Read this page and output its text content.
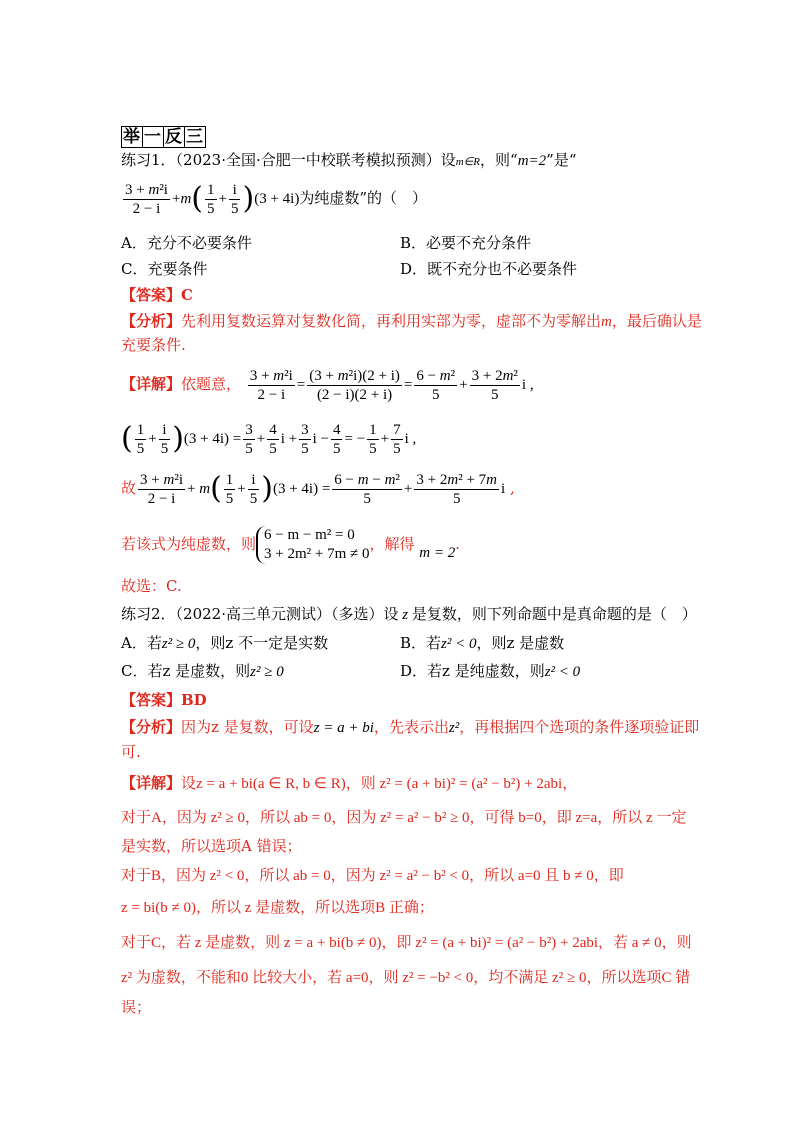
举 一 反 三
练习1．（2023·全国·合肥一中校联考模拟预测）设m∈R，则“m=2”是“
$\frac{\text{3 + m²i}}{2 - i} +m( \frac{1}{5} + \frac{i}{5} )(3 + 4i)$为纯虚数”的（　）
A．充分不必要条件	B．必要不充分条件
C．充要条件	D．既不充分也不必要条件
【答案】C
【分析】先利用复数运算对复数化简，再利用实部为零，虚部不为零解出m，最后确认是
充要条件.
【详解】依题意， $\frac{\text{3 + m²i}}{2 - i} = \frac{\text{(3 + m²i)(2 + i)}}{(2 - i)(2 + i)} = \frac{\text{6 − m²}}{5} + \frac{\text{3 + 2m²}}{5}$ i ,
( $\frac{1}{5} + \frac{i}{5} )(3 + 4i) = \frac{3}{5} + \frac{4}{5}$ $i + \frac{3}{5}$ $i - \frac{4}{5}$ = − $\frac{1}{5} + \frac{7}{5}$ i ,
故 $\frac{\text{3 + m²i}}{2 - i} + m( \frac{1}{5} + \frac{i}{5} )(3 + 4i) = \frac{\text{6 − m − m²}}{5} + \frac{\text{3 + 2m² + 7m}}{5}$ i ,
若该式为纯虚数，则 6 − m − m² = 0
3 + 2m² + 7m ≠ 0
，解得 m = 2.
故选：C.
练习2．（2022·高三单元测试）（多选）设 z 是复数，则下列命题中是真命题的是（　）
A．若z² ≥ 0，则z 不一定是实数	B．若z² < 0，则z 是虚数
C．若z 是虚数，则z² ≥ 0	D．若z 是纯虚数，则z² < 0
【答案】BD
【分析】因为z 是复数，可设z = a + bi，先表示出z²，再根据四个选项的条件逐项验证即
可.
【详解】设z = a + bi(a ∈ R, b ∈ R)，则 z² = (a + bi)² = (a² − b²) + 2abi，
对于A，因为 z² ≥ 0，所以 ab = 0，因为 z² = a² − b² ≥ 0，可得 b=0，即 z=a，所以 z 一定
是实数，所以选项A 错误；
对于B，因为 z² < 0，所以 ab = 0，因为 z² = a² − b² < 0，所以 a=0 且 b ≠ 0，即
z = bi(b ≠ 0)，所以 z 是虚数，所以选项B 正确；
对于C，若 z 是虚数，则 z = a + bi(b ≠ 0)，即 z² = (a + bi)² = (a² − b²) + 2abi，若 a ≠ 0，则
z² 为虚数，不能和0 比较大小，若 a=0，则 z² = −b² < 0，均不满足 z² ≥ 0，所以选项C 错
误；
